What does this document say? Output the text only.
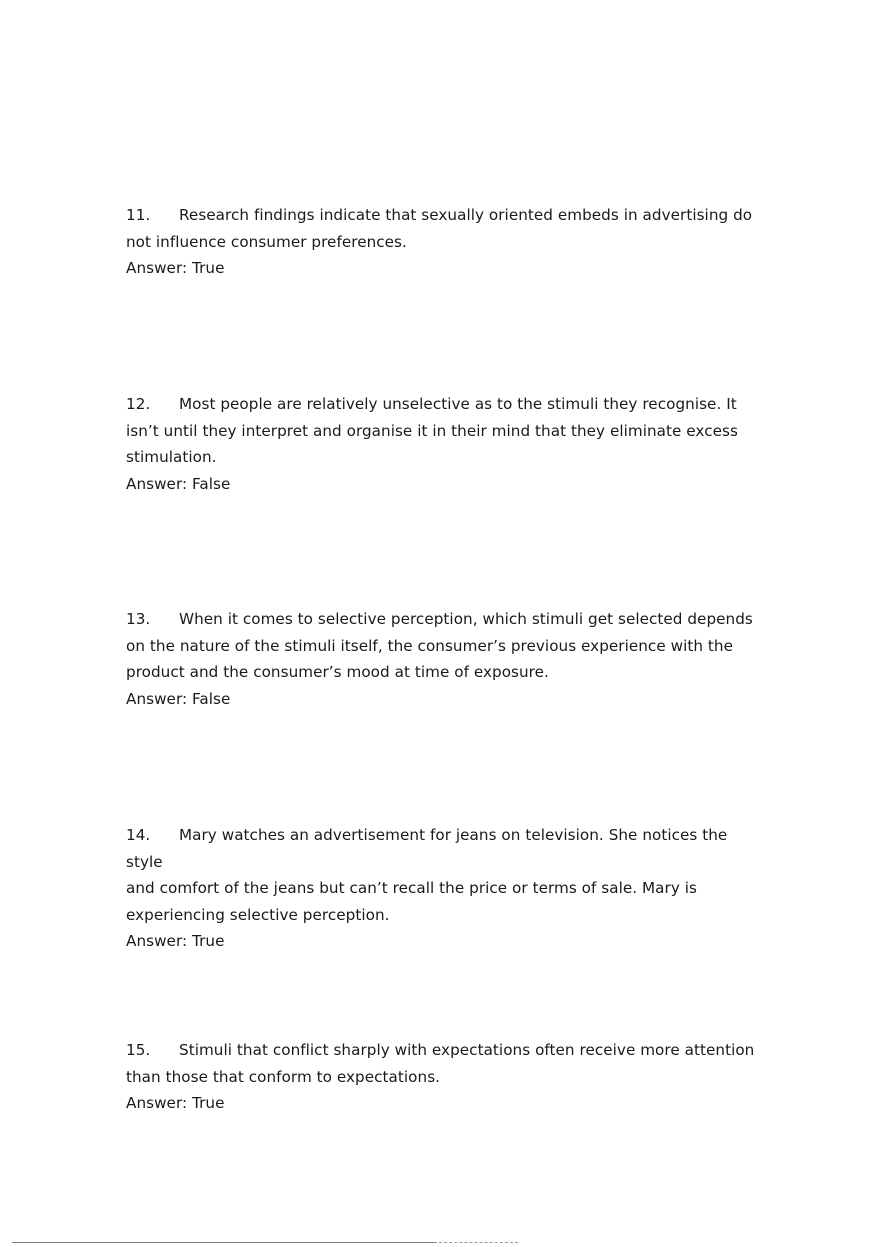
11. Research findings indicate that sexually oriented embeds in advertising do
not influence consumer preferences.

Answer: True

12. Most people are relatively unselective as to the stimuli they recognise. It
isn’t until they interpret and organise it in their mind that they eliminate excess
stimulation.

Answer: False

13. When it comes to selective perception, which stimuli get selected depends
on the nature of the stimuli itself, the consumer’s previous experience with the
product and the consumer’s mood at time of exposure.

Answer: False

14. Mary watches an advertisement for jeans on television. She notices the style
and comfort of the jeans but can’t recall the price or terms of sale. Mary is
experiencing selective perception.

Answer: True

15. Stimuli that conflict sharply with expectations often receive more attention
than those that conform to expectations.

Answer: True
